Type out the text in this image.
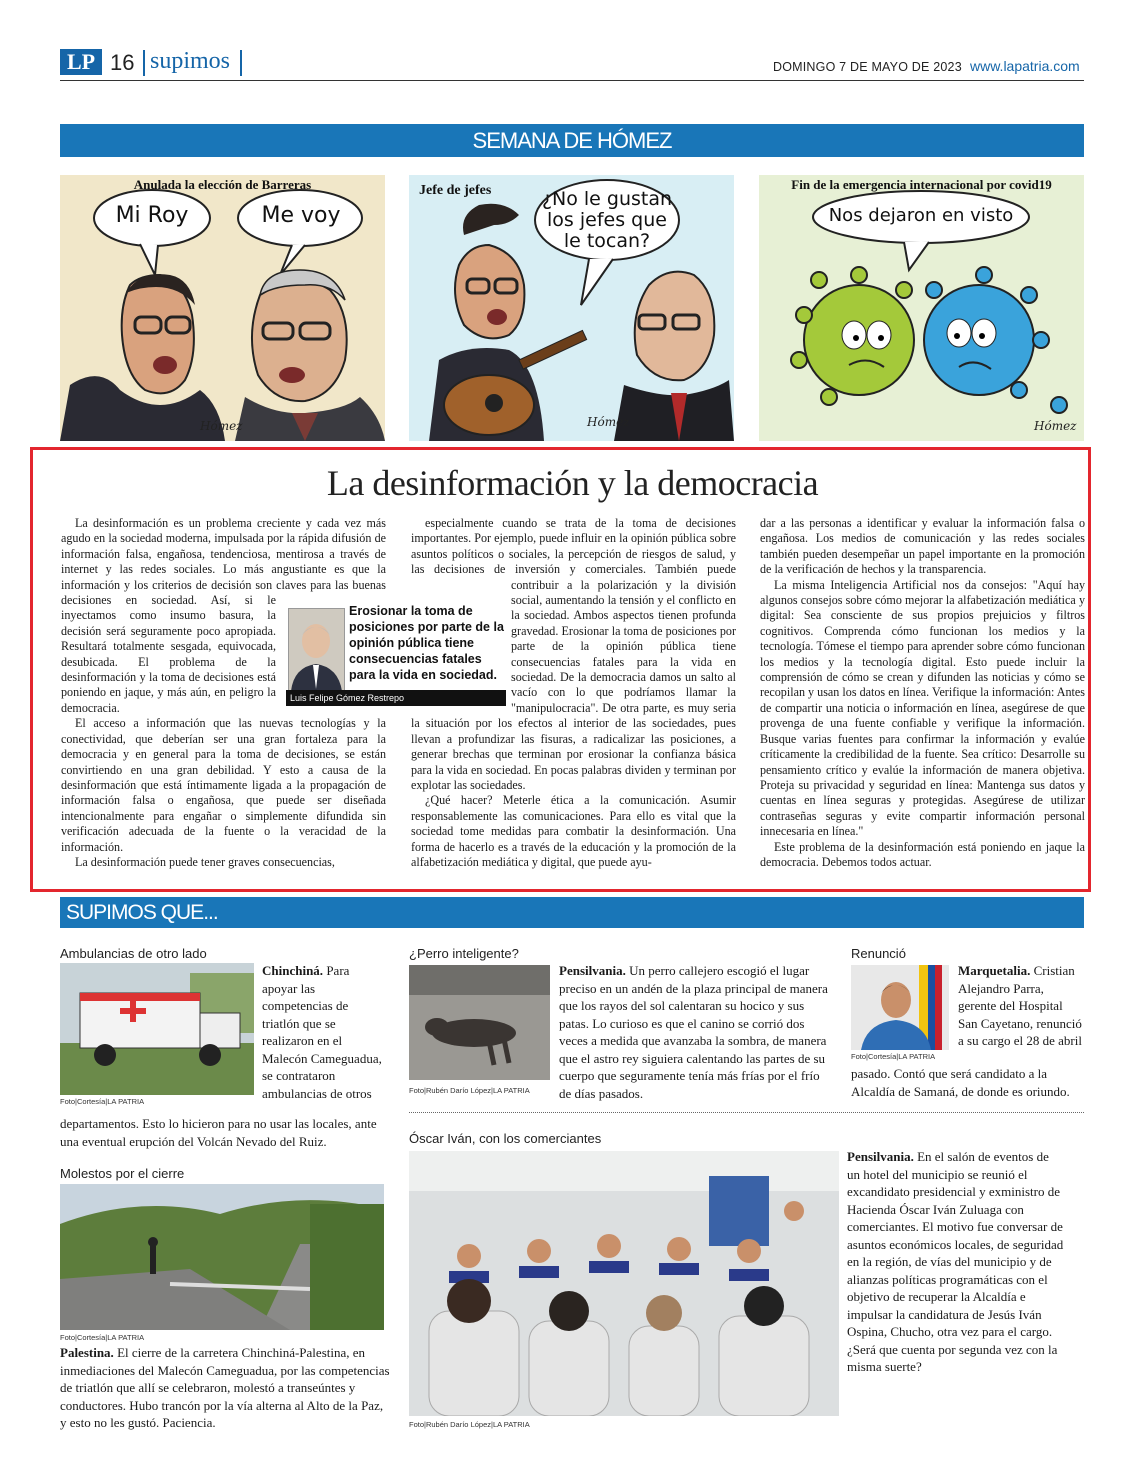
LP 16 supimos	DOMINGO 7 DE MAYO DE 2023 www.lapatria.com
SEMANA DE HÓMEZ
Anulada la elección de Barreras
Mi Roy	Me voy
Hómez
Jefe de jefes	¿No le gustan los jefes que le tocan?
Hómez
Fin de la emergencia internacional por covid19
Nos dejaron en visto
Hómez
La desinformación y la democracia

La desinformación es un problema creciente y cada vez más agudo en la sociedad moderna, impulsada por la rápida difusión de información falsa, engañosa, tendenciosa, mentirosa a través de internet y las redes sociales. Lo más angustiante es que la información y los criterios de decisión son claves para las buenas decisiones en sociedad. Así, si le inyectamos como insumo basura, la decisión será seguramente poco apropiada. Resultará totalmente sesgada, equivocada, desubicada. El problema de la desinformación y la toma de decisiones está poniendo en jaque, y más aún, en peligro la democracia.

El acceso a información que las nuevas tecnologías y la conectividad, que deberían ser una gran fortaleza para la democracia y en general para la toma de decisiones, se están convirtiendo en una gran debilidad. Y esto a causa de la desinformación que está íntimamente ligada a la propagación de información falsa o engañosa, que puede ser diseñada intencionalmente para engañar o simplemente difundida sin verificación adecuada de la fuente o la veracidad de la información.

La desinformación puede tener graves consecuencias,

especialmente cuando se trata de la toma de decisiones importantes. Por ejemplo, puede influir en la opinión pública sobre asuntos políticos o sociales, la percepción de riesgos de salud, y las decisiones de inversión y comerciales. También puede contribuir a la polarización y la división social, aumentando la tensión y el conflicto en la sociedad. Ambos aspectos tienen profunda gravedad. Erosionar la toma de posiciones por parte de la opinión pública tiene consecuencias fatales para la vida en sociedad. De la democracia damos un salto al vacío con lo que podríamos llamar la "manipulocracia". De otra parte, es muy seria la situación por los efectos al interior de las sociedades, pues llevan a profundizar las fisuras, a radicalizar las posiciones, a generar brechas que terminan por erosionar la confianza básica para la vida en sociedad. En pocas palabras dividen y terminan por explotar las sociedades.

¿Qué hacer? Meterle ética a la comunicación. Asumir responsablemente las comunicaciones. Para ello es vital que la sociedad tome medidas para combatir la desinformación. Una forma de hacerlo es a través de la educación y la promoción de la alfabetización mediática y digital, que puede ayu-

dar a las personas a identificar y evaluar la información falsa o engañosa. Los medios de comunicación y las redes sociales también pueden desempeñar un papel importante en la promoción de la verificación de hechos y la transparencia.

La misma Inteligencia Artificial nos da consejos: "Aquí hay algunos consejos sobre cómo mejorar la alfabetización mediática y digital: Sea consciente de sus propios prejuicios y filtros cognitivos. Comprenda cómo funcionan los medios y la tecnología. Tómese el tiempo para aprender sobre cómo funcionan los medios y la tecnología digital. Esto puede incluir la comprensión de cómo se crean y difunden las noticias y cómo se recopilan y usan los datos en línea. Verifique la información: Antes de compartir una noticia o información en línea, asegúrese de que provenga de una fuente confiable y verifique la información. Busque varias fuentes para confirmar la información y evalúe críticamente la credibilidad de la fuente. Sea crítico: Desarrolle su pensamiento crítico y evalúe la información de manera objetiva. Proteja su privacidad y seguridad en línea: Mantenga sus datos y cuentas en línea seguras y protegidas. Asegúrese de utilizar contraseñas seguras y evite compartir información personal innecesaria en línea."

Este problema de la desinformación está poniendo en jaque la democracia. Debemos todos actuar.

Erosionar la toma de posiciones por parte de la opinión pública tiene consecuencias fatales para la vida en sociedad.
Luis Felipe Gómez Restrepo
SUPIMOS QUE...
Ambulancias de otro lado
Foto|Cortesía|LA PATRIA
Chinchiná. Para apoyar las competencias de triatlón que se realizaron en el Malecón Cameguadua, se contrataron ambulancias de otros
departamentos. Esto lo hicieron para no usar las locales, ante una eventual erupción del Volcán Nevado del Ruiz.
¿Perro inteligente?
Foto|Rubén Darío López|LA PATRIA
Pensilvania. Un perro callejero escogió el lugar preciso en un andén de la plaza principal de manera que los rayos del sol calentaran su hocico y sus patas. Lo curioso es que el canino se corrió dos veces a medida que avanzaba la sombra, de manera que el astro rey siguiera calentando las partes de su cuerpo que seguramente tenía más frías por el frío de días pasados.
Renunció
Foto|Cortesía|LA PATRIA
Marquetalia. Cristian Alejandro Parra, gerente del Hospital San Cayetano, renunció a su cargo el 28 de abril
pasado. Contó que será candidato a la Alcaldía de Samaná, de donde es oriundo.
Molestos por el cierre
Foto|Cortesía|LA PATRIA
Palestina. El cierre de la carretera Chinchiná-Palestina, en inmediaciones del Malecón Cameguadua, por las competencias de triatlón que allí se celebraron, molestó a transeúntes y conductores. Hubo trancón por la vía alterna al Alto de la Paz, y esto no les gustó. Paciencia.
Óscar Iván, con los comerciantes
Foto|Rubén Darío López|LA PATRIA
Pensilvania. En el salón de eventos de un hotel del municipio se reunió el excandidato presidencial y exministro de Hacienda Óscar Iván Zuluaga con comerciantes. El motivo fue conversar de asuntos económicos locales, de seguridad en la región, de vías del municipio y de alianzas políticas programáticas con el objetivo de recuperar la Alcaldía e impulsar la candidatura de Jesús Iván Ospina, Chucho, otra vez para el cargo. ¿Será que cuenta por segunda vez con la misma suerte?
